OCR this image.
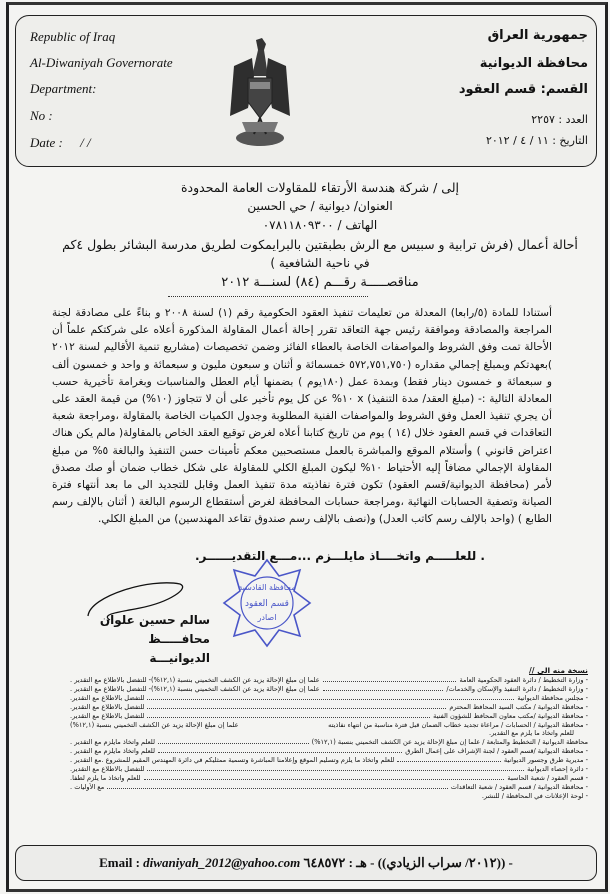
Republic of Iraq
Al-Diwaniyah Governorate
Department:
No :
Date : / /
جمهورية العراق
محافظة الديوانية
القسم: قسم العقود
العدد : ٢٢٥٧
التاريخ : ١١ / ٤ / ٢٠١٢
إلى / شركة هندسة الأرتقاء للمقاولات العامة المحدودة
العنوان/ ديوانية / حي الحسين
الهاتف / ٠٧٨١١٨٠٩٣٠٠
أحالة أعمال (فرش ترابية و سبيس مع الرش بطبقتين بالبرايمكوت لطريق مدرسة البشائر بطول ٤كم
في ناحية الشافعية )
مناقصـــــة رقـــم (٨٤) لسنـــة ٢٠١٢
أستنادا للمادة (٥/رابعا) المعدلة من تعليمات تنفيذ العقود الحكومية رقم (١) لسنة ٢٠٠٨ و بناءً على مصادقة لجنة المراجعة والمصادقة وموافقة رئيس جهة التعاقد تقرر إحالة أعمال المقاولة المذكورة أعلاه على شركتكم علماً أن الأحالة تمت وفق الشروط والمواصفات الخاصة بالعطاء الفائز وضمن تخصيصات (مشاريع تنمية الأقاليم لسنة ٢٠١٢ )بعهدتكم وبمبلغ إجمالي مقداره (٥٧٢,٧٥١,٧٥٠ خمسمائة و أثنان و سبعون مليون و سبعمائة و واحد و خمسون ألف و سبعمائة و خمسون دينار فقط) وبمدة عمل (١٨٠يوم ) بضمنها أيام العطل والمناسبات وبغرامة تأخيرية حسب المعادلة التالية :- (مبلغ العقد/ مدة التنفيذ) x ١٠% عن كل يوم تأخير على أن لا تتجاوز (١٠%) من قيمة العقد على أن يجري تنفيذ العمل وفق الشروط والمواصفات الفنية المطلوبة وجدول الكميات الخاصة بالمقاولة ،ومراجعة شعبة التعاقدات في قسم العقود خلال (١٤ ) يوم من تاريخ كتابنا أعلاه لغرض توقيع العقد الخاص بالمقاولة( مالم يكن هناك اعتراض قانوني ) وأستلام الموقع والمباشرة بالعمل مستصحبين معكم تأمينات حسن التنفيذ والبالغة ٥% من مبلغ المقاولة الإجمالي مضافاً إليه الأحتياط ١٠% ليكون المبلغ الكلي للمقاولة على شكل خطاب ضمان أو صك مصدق لأمر (محافظة الديوانية/قسم العقود) تكون فترة نفاذيته مدة تنفيذ العمل وقابل للتجديد الى ما بعد أنتهاء فترة الصيانة وتصفية الحسابات النهائية ،ومراجعة حسابات المحافظة لغرض أستقطاع الرسوم البالغة ( أثنان بالإلف رسم الطابع ) (واحد بالإلف رسم كاتب العدل) و(نصف بالإلف رسم صندوق تقاعد المهندسين) من المبلغ الكلي.
. للعلـــــم واتخــــاذ مايلـــزم ...مـــع التقديــــــر.
سالم حسين علوان
محافـــــظ الديوانيـــة
محافظة القادسية
قسم العقود
اصادر
نسخة منه الى //
- وزارة التخطيط / دائرة العقود الحكومية العامة
علما إن مبلغ الإحالة يزيد عن الكشف التخميني بنسبة (١٢,١%)- للتفضل بالاطلاع مع التقدير .
- وزارة التخطيط / دائرة التنفيذ والإسكان والخدمات/
علما إن مبلغ الإحالة يزيد عن الكشف التخميني بنسبة (١٢,١%)- للتفضل بالاطلاع مع التقدير .
- مجلس محافظة الديوانية
للتفضل بالاطلاع مع التقدير.
- محافظة الديوانية / مكتب السيد المحافظ المحترم
للتفضل بالاطلاع مع التقدير.
- محافظة الديوانية /مكتب معاون المحافظ للشؤون الفنية
للتفضل بالاطلاع مع التقدير.
- محافظة الديوانية / الحسابات / مراعاة تجديد خطاب الضمان قبل فترة مناسبة من انتهاء نفاذيته
علما إن مبلغ الإحالة يزيد عن الكشف التخميني بنسبة (١٢,١%)
للعلم واتخاذ ما يلزم مع التقدير.
محافظة الديوانية / التخطيط والمتابعة / علما إن مبلغ الإحالة يزيد عن الكشف التخميني بنسبة (١٢,١%)
للعلم واتخاذ مايلزم مع التقدير .
- محافظة الديوانية /قسم العقود / لجنة الإشراف على إعمال الطرق
للعلم واتخاذ مايلزم مع التقدير .
- مديرية طرق وجسور الديوانية
للعلم واتخاذ ما يلزم وتسليم الموقع وإعلامنا المباشرة وتسمية ممثليكم في دائرة المهندس المقيم للمشروع .مع التقدير .
- دائرة إحصاء الديوانية
للتفضل بالاطلاع مع التقدير.
- قسم العقود / شعبة الحاسبة
للعلم واتخاذ ما يلزم لطفا.
- محافظة الديوانية / قسم العقود / شعبة التعاقدات
مع الأوليات .
- لوحة الإعلانات في المحافظة / للنشر.
Email : diwaniyah_2012@yahoo.com - ((٢٠١٢/ سراب الزيادي)) - هـ : ٦٤٨٥٧٢
